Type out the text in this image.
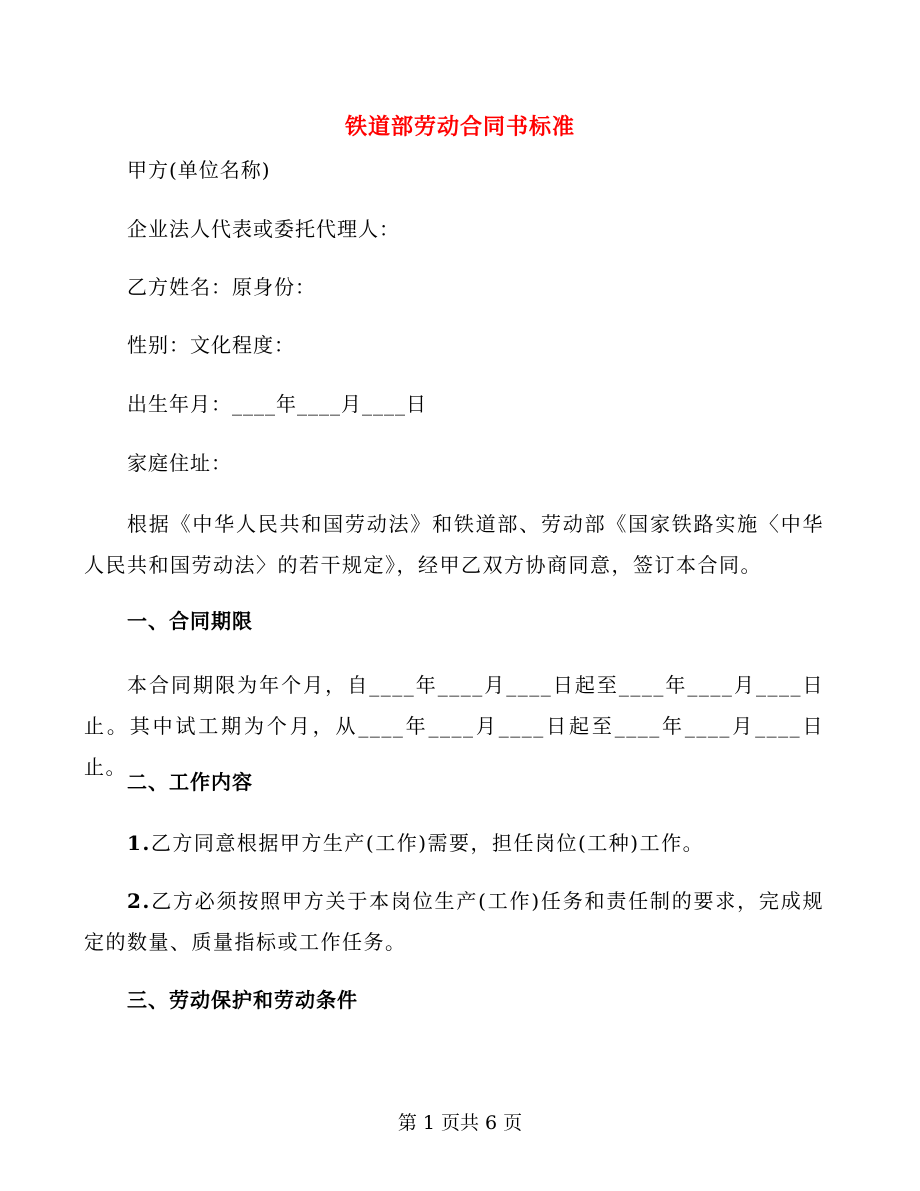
铁道部劳动合同书标准
甲方(单位名称)
企业法人代表或委托代理人：
乙方姓名：原身份：
性别：文化程度：
出生年月：____年____月____日
家庭住址：
根据《中华人民共和国劳动法》和铁道部、劳动部《国家铁路实施〈中华人民共和国劳动法〉的若干规定》，经甲乙双方协商同意，签订本合同。
一、合同期限
本合同期限为年个月，自____年____月____日起至____年____月____日止。其中试工期为个月，从____年____月____日起至____年____月____日止。
二、工作内容
1.乙方同意根据甲方生产(工作)需要，担任岗位(工种)工作。
2.乙方必须按照甲方关于本岗位生产(工作)任务和责任制的要求，完成规定的数量、质量指标或工作任务。
三、劳动保护和劳动条件
第 1 页共 6 页
